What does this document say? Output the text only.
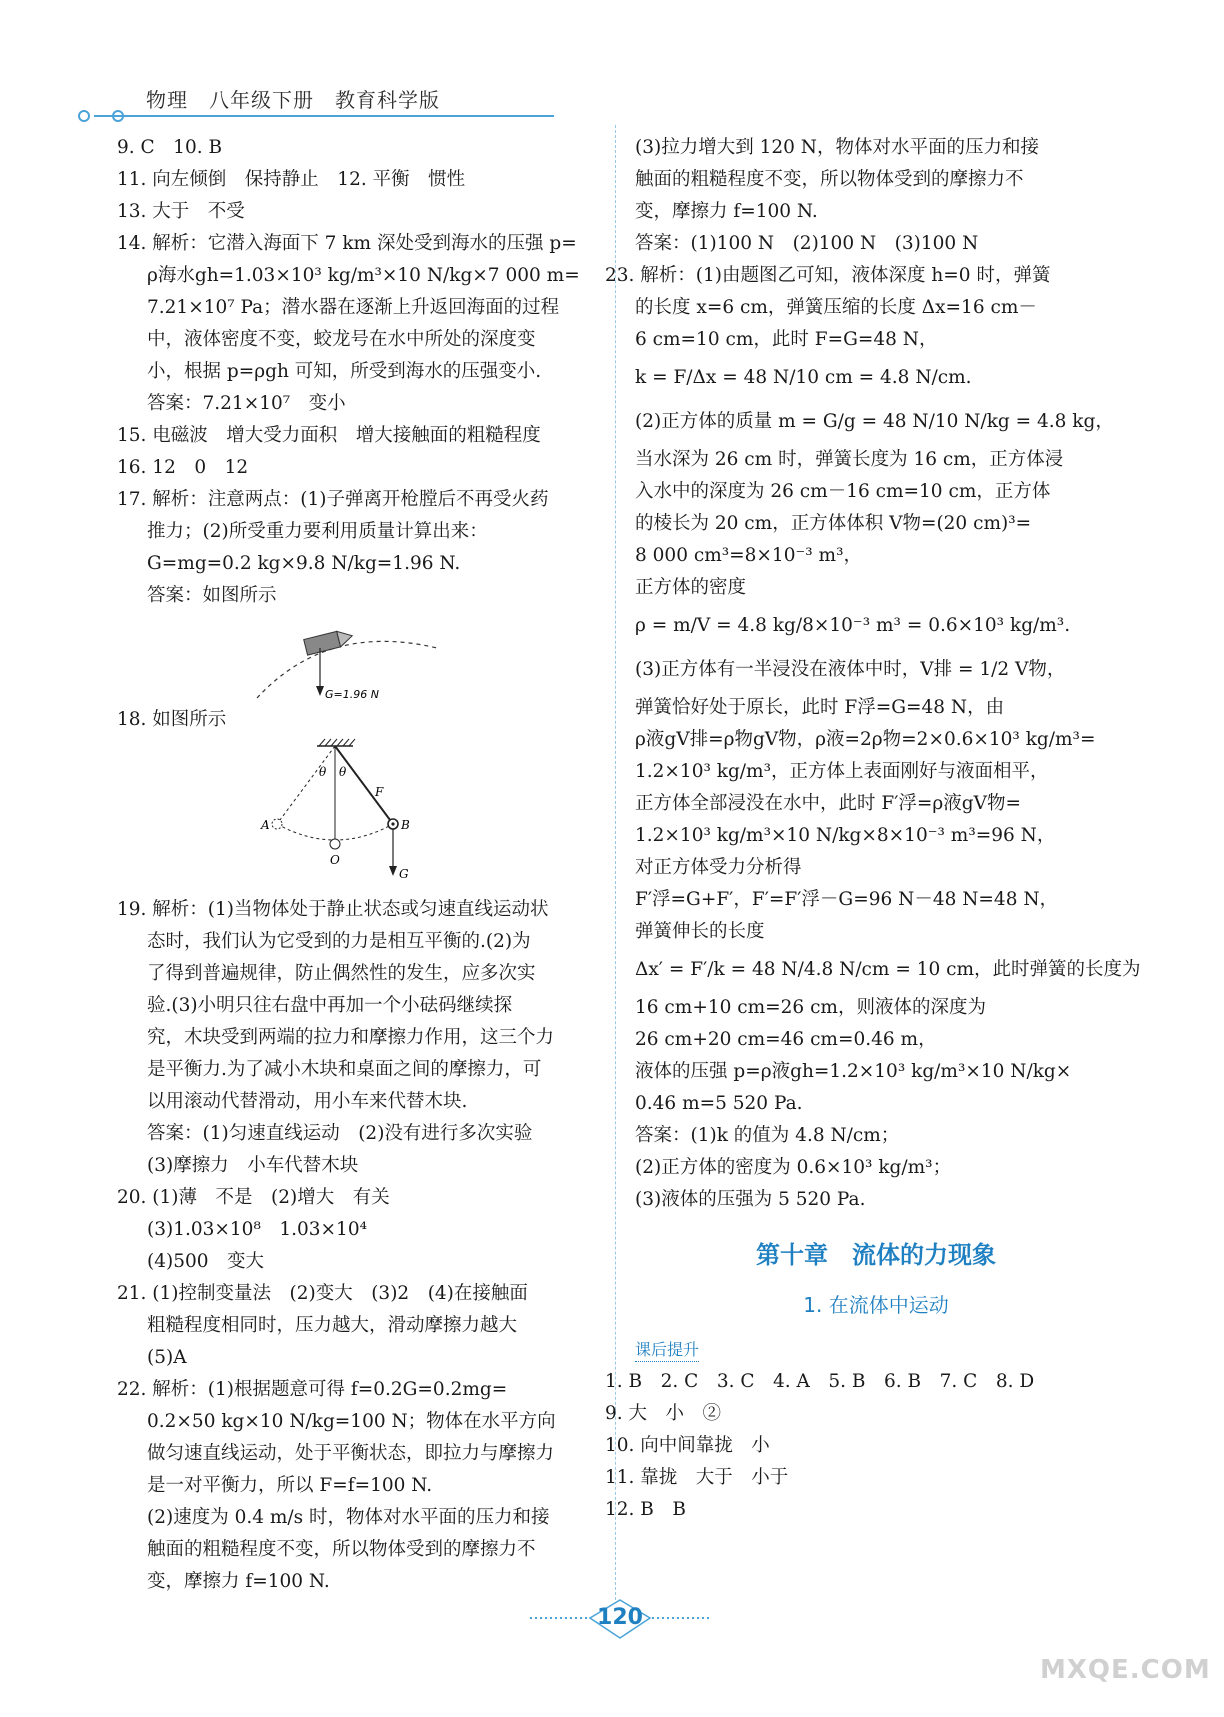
物理　八年级下册　教育科学版

9. C　10. B

11. 向左倾倒　保持静止　12. 平衡　惯性

13. 大于　不受

14. 解析：它潜入海面下 7 km 深处受到海水的压强 p=

ρ海水gh=1.03×10³ kg/m³×10 N/kg×7 000 m=

7.21×10⁷ Pa；潜水器在逐渐上升返回海面的过程

中，液体密度不变，蛟龙号在水中所处的深度变

小，根据 p=ρgh 可知，所受到海水的压强变小.

答案：7.21×10⁷　变小

15. 电磁波　增大受力面积　增大接触面的粗糙程度

16. 12　0　12

17. 解析：注意两点：(1)子弹离开枪膛后不再受火药

推力；(2)所受重力要利用质量计算出来：

G=mg=0.2 kg×9.8 N/kg=1.96 N.

答案：如图所示

G=1.96 N

18. 如图所示

θ θ
F
A	B
O
G

19. 解析：(1)当物体处于静止状态或匀速直线运动状

态时，我们认为它受到的力是相互平衡的.(2)为

了得到普遍规律，防止偶然性的发生，应多次实

验.(3)小明只往右盘中再加一个小砝码继续探

究，木块受到两端的拉力和摩擦力作用，这三个力

是平衡力.为了减小木块和桌面之间的摩擦力，可

以用滚动代替滑动，用小车来代替木块.

答案：(1)匀速直线运动　(2)没有进行多次实验

(3)摩擦力　小车代替木块

20. (1)薄　不是　(2)增大　有关

(3)1.03×10⁸　1.03×10⁴

(4)500　变大

21. (1)控制变量法　(2)变大　(3)2　(4)在接触面

粗糙程度相同时，压力越大，滑动摩擦力越大

(5)A

22. 解析：(1)根据题意可得 f=0.2G=0.2mg=

0.2×50 kg×10 N/kg=100 N；物体在水平方向

做匀速直线运动，处于平衡状态，即拉力与摩擦力

是一对平衡力，所以 F=f=100 N.

(2)速度为 0.4 m/s 时，物体对水平面的压力和接

触面的粗糙程度不变，所以物体受到的摩擦力不

变，摩擦力 f=100 N.

(3)拉力增大到 120 N，物体对水平面的压力和接

触面的粗糙程度不变，所以物体受到的摩擦力不

变，摩擦力 f=100 N.

答案：(1)100 N　(2)100 N　(3)100 N

23. 解析：(1)由题图乙可知，液体深度 h=0 时，弹簧

的长度 x=6 cm，弹簧压缩的长度 Δx=16 cm－

6 cm=10 cm，此时 F=G=48 N，

k = F/Δx = 48 N/10 cm = 4.8 N/cm.

(2)正方体的质量 m = G/g = 48 N/10 N/kg = 4.8 kg，

当水深为 26 cm 时，弹簧长度为 16 cm，正方体浸

入水中的深度为 26 cm－16 cm=10 cm，正方体

的棱长为 20 cm，正方体体积 V物=(20 cm)³=

8 000 cm³=8×10⁻³ m³，

正方体的密度

ρ = m/V = 4.8 kg/8×10⁻³ m³ = 0.6×10³ kg/m³.

(3)正方体有一半浸没在液体中时，V排 = 1/2 V物，

弹簧恰好处于原长，此时 F浮=G=48 N，由

ρ液gV排=ρ物gV物，ρ液=2ρ物=2×0.6×10³ kg/m³=

1.2×10³ kg/m³，正方体上表面刚好与液面相平，

正方体全部浸没在水中，此时 F′浮=ρ液gV物=

1.2×10³ kg/m³×10 N/kg×8×10⁻³ m³=96 N，

对正方体受力分析得

F′浮=G+F′，F′=F′浮－G=96 N－48 N=48 N，

弹簧伸长的长度

Δx′ = F′/k = 48 N/4.8 N/cm = 10 cm，此时弹簧的长度为

16 cm+10 cm=26 cm，则液体的深度为

26 cm+20 cm=46 cm=0.46 m，

液体的压强 p=ρ液gh=1.2×10³ kg/m³×10 N/kg×

0.46 m=5 520 Pa.

答案：(1)k 的值为 4.8 N/cm；

(2)正方体的密度为 0.6×10³ kg/m³；

(3)液体的压强为 5 520 Pa.

第十章　流体的力现象
1. 在流体中运动
课后提升

1. B　2. C　3. C　4. A　5. B　6. B　7. C　8. D

9. 大　小　②

10. 向中间靠拢　小

11. 靠拢　大于　小于

12. B　B

120
MXQE.COM
